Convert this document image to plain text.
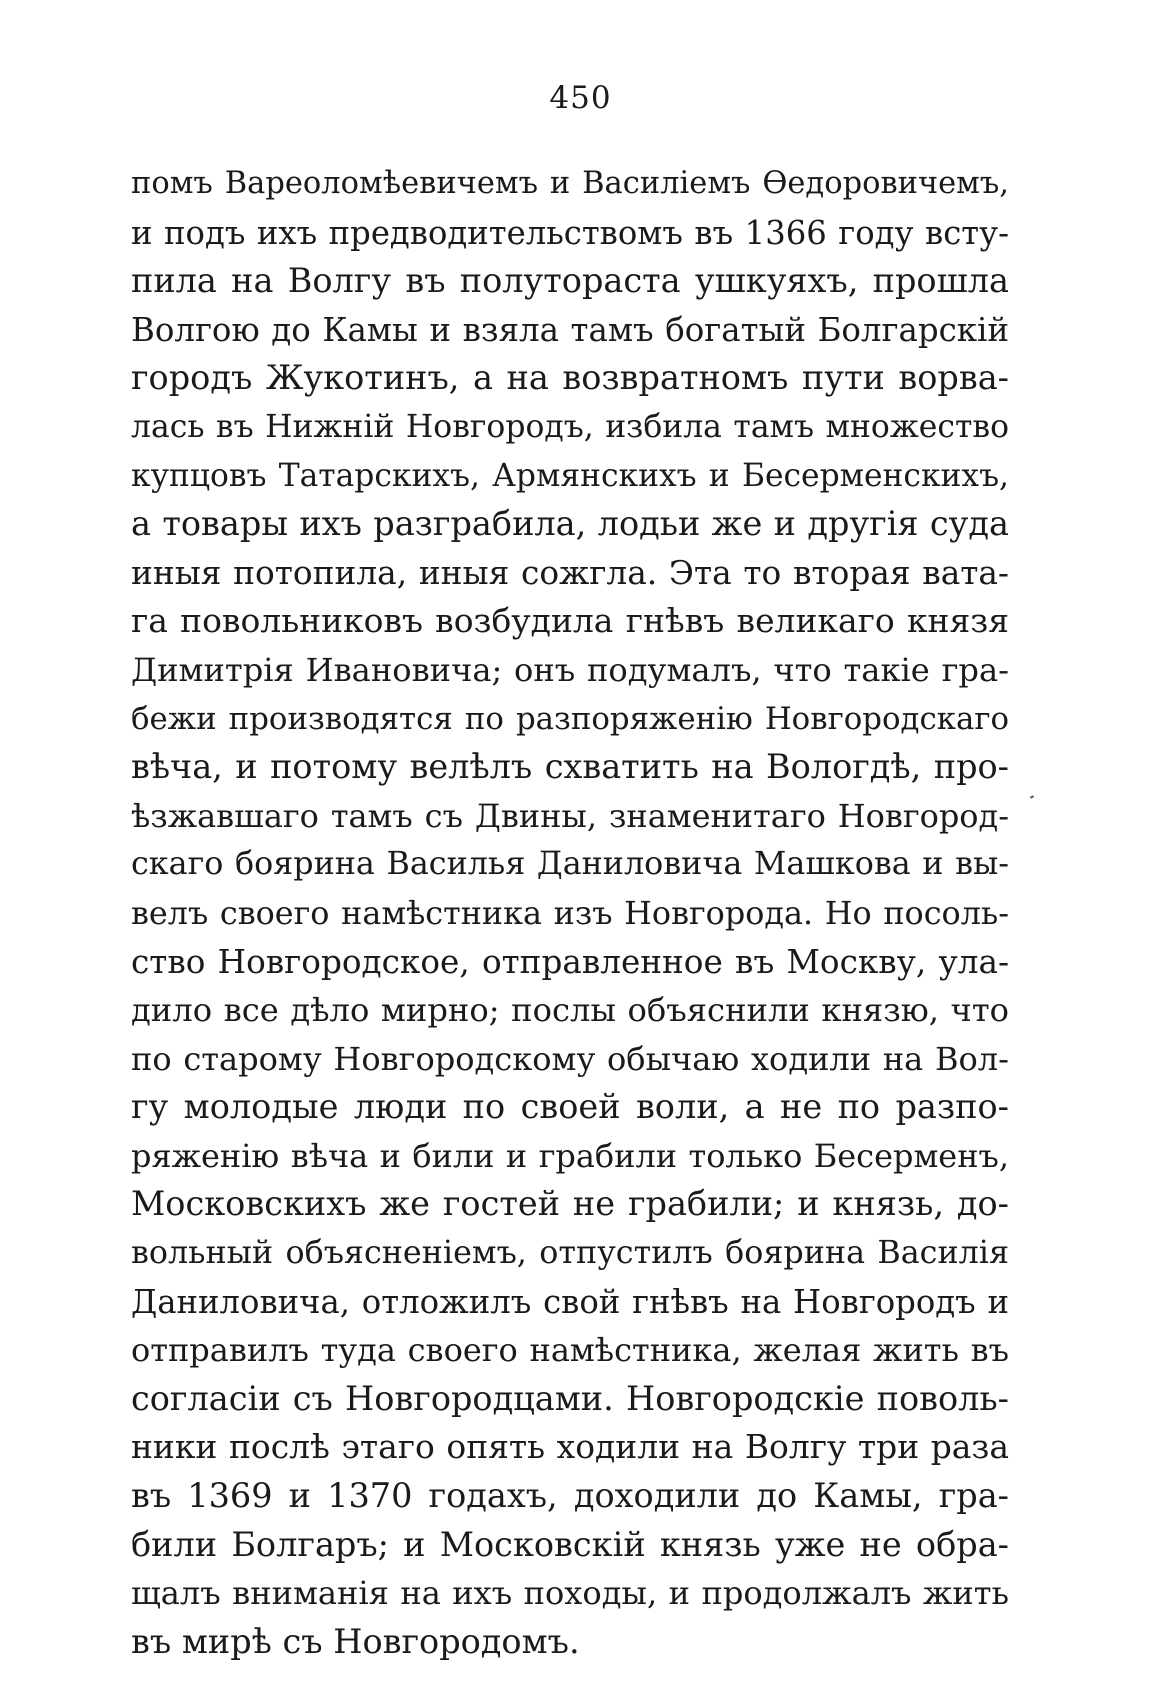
450
помъ Вареоломѣевичемъ и Василіемъ Өедоровичемъ,
и подъ ихъ предводительствомъ въ 1366 году всту-
пила на Волгу въ полутораста ушкуяхъ, прошла
Волгою до Камы и взяла тамъ богатый Болгарскій
городъ Жукотинъ, а на возвратномъ пути ворва-
лась въ Нижній Новгородъ, избила тамъ множество
купцовъ Татарскихъ, Армянскихъ и Бесерменскихъ,
а товары ихъ разграбила, лодьи же и другія суда
иныя потопила, иныя сожгла. Эта то вторая вата-
га повольниковъ возбудила гнѣвъ великаго князя
Димитрія Ивановича; онъ подумалъ, что такіе гра-
бежи производятся по разпоряженію Новгородскаго
вѣча, и потому велѣлъ схватить на Вологдѣ, про-
ѣзжавшаго тамъ съ Двины, знаменитаго Новгород-
скаго боярина Василья Даниловича Машкова и вы-
велъ своего намѣстника изъ Новгорода. Но посоль-
ство Новгородское, отправленное въ Москву, ула-
дило все дѣло мирно; послы объяснили князю, что
по старому Новгородскому обычаю ходили на Вол-
гу молодые люди по своей воли, а не по разпо-
ряженію вѣча и били и грабили только Бесерменъ,
Московскихъ же гостей не грабили; и князь, до-
вольный объясненіемъ, отпустилъ боярина Василія
Даниловича, отложилъ свой гнѣвъ на Новгородъ и
отправилъ туда своего намѣстника, желая жить въ
согласіи съ Новгородцами. Новгородскіе поволь-
ники послѣ этаго опять ходили на Волгу три раза
въ 1369 и 1370 годахъ, доходили до Камы, гра-
били Болгаръ; и Московскій князь уже не обра-
щалъ вниманія на ихъ походы, и продолжалъ жить
въ мирѣ съ Новгородомъ.
